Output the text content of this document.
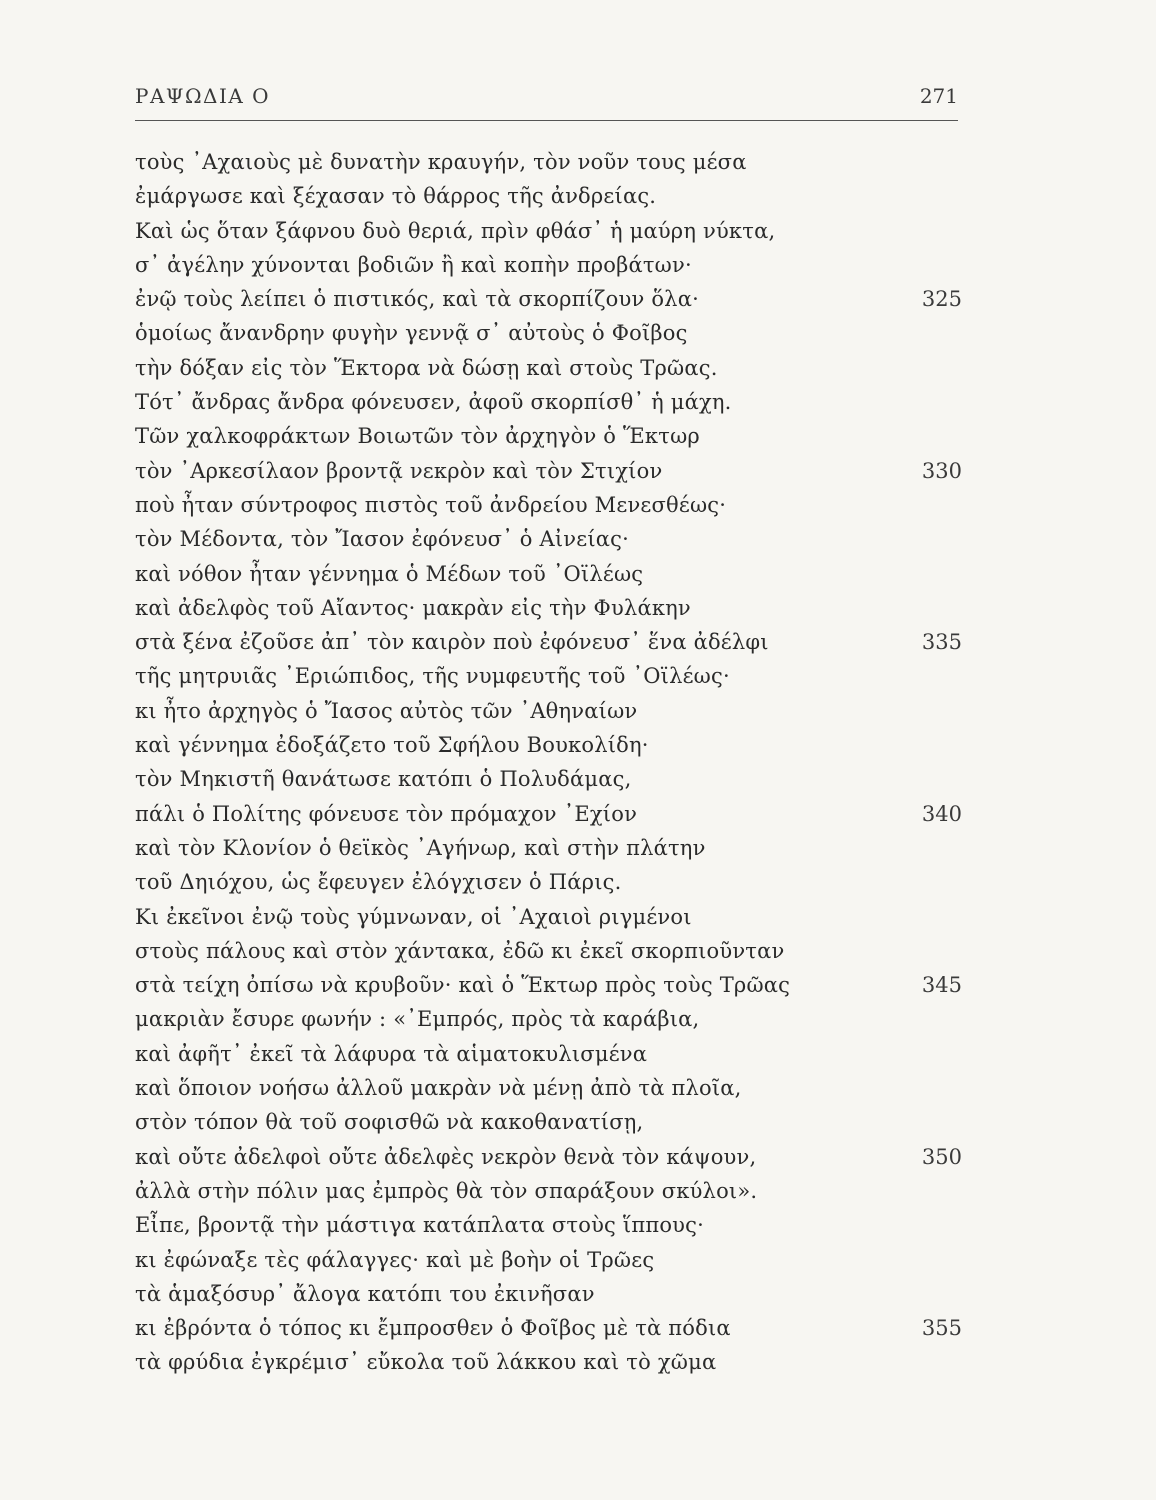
ΡΑΨΩΔΙΑ Ο	271
τοὺς ᾿Αχαιοὺς μὲ δυνατὴν κραυγήν, τὸν νοῦν τους μέσα
ἐμάργωσε καὶ ξέχασαν τὸ θάρρος τῆς ἀνδρείας.
Καὶ ὡς ὅταν ξάφνου δυὸ θεριά, πρὶν φθάσ᾿ ἡ μαύρη νύκτα,
σ᾿ ἀγέλην χύνονται βοδιῶν ἢ καὶ κοπὴν προβάτων·
ἐνῷ τοὺς λείπει ὁ πιστικός, καὶ τὰ σκορπίζουν ὅλα·	325
ὁμοίως ἄνανδρην φυγὴν γεννᾷ σ᾿ αὐτοὺς ὁ Φοῖβος
τὴν δόξαν εἰς τὸν Ἕκτορα νὰ δώσῃ καὶ στοὺς Τρῶας.
Τότ᾿ ἄνδρας ἄνδρα φόνευσεν, ἀφοῦ σκορπίσθ᾿ ἡ μάχη.
Τῶν χαλκοφράκτων Βοιωτῶν τὸν ἀρχηγὸν ὁ Ἕκτωρ
τὸν ᾿Αρκεσίλαον βροντᾷ νεκρὸν καὶ τὸν Στιχίον	330
ποὺ ἦταν σύντροφος πιστὸς τοῦ ἀνδρείου Μενεσθέως·
τὸν Μέδοντα, τὸν Ἴασον ἐφόνευσ᾿ ὁ Αἰνείας·
καὶ νόθον ἦταν γέννημα ὁ Μέδων τοῦ ᾿Οϊλέως
καὶ ἀδελφὸς τοῦ Αἴαντος· μακρὰν εἰς τὴν Φυλάκην
στὰ ξένα ἐζοῦσε ἀπ᾿ τὸν καιρὸν ποὺ ἐφόνευσ᾿ ἕνα ἀδέλφι	335
τῆς μητρυιᾶς ᾿Εριώπιδος, τῆς νυμφευτῆς τοῦ ᾿Οϊλέως·
κι ἦτο ἀρχηγὸς ὁ Ἴασος αὐτὸς τῶν ᾿Αθηναίων
καὶ γέννημα ἐδοξάζετο τοῦ Σφήλου Βουκολίδη·
τὸν Μηκιστῆ θανάτωσε κατόπι ὁ Πολυδάμας,
πάλι ὁ Πολίτης φόνευσε τὸν πρόμαχον ᾿Εχίον	340
καὶ τὸν Κλονίον ὁ θεϊκὸς ᾿Αγήνωρ, καὶ στὴν πλάτην
τοῦ Δηιόχου, ὡς ἔφευγεν ἐλόγχισεν ὁ Πάρις.
Κι ἐκεῖνοι ἐνῷ τοὺς γύμνωναν, οἱ ᾿Αχαιοὶ ριγμένοι
στοὺς πάλους καὶ στὸν χάντακα, ἐδῶ κι ἐκεῖ σκορπιοῦνταν
στὰ τείχη ὀπίσω νὰ κρυβοῦν· καὶ ὁ Ἕκτωρ πρὸς τοὺς Τρῶας	345
μακριὰν ἔσυρε φωνήν : «᾿Εμπρός, πρὸς τὰ καράβια,
καὶ ἀφῆτ᾿ ἐκεῖ τὰ λάφυρα τὰ αἱματοκυλισμένα
καὶ ὅποιον νοήσω ἀλλοῦ μακρὰν νὰ μένῃ ἀπὸ τὰ πλοῖα,
στὸν τόπον θὰ τοῦ σοφισθῶ νὰ κακοθανατίσῃ,
καὶ οὔτε ἀδελφοὶ οὔτε ἀδελφὲς νεκρὸν θενὰ τὸν κάψουν,	350
ἀλλὰ στὴν πόλιν μας ἐμπρὸς θὰ τὸν σπαράξουν σκύλοι».
Εἶπε, βροντᾷ τὴν μάστιγα κατάπλατα στοὺς ἵππους·
κι ἐφώναξε τὲς φάλαγγες· καὶ μὲ βοὴν οἱ Τρῶες
τὰ ἁμαξόσυρ᾿ ἄλογα κατόπι του ἐκινῆσαν
κι ἐβρόντα ὁ τόπος κι ἔμπροσθεν ὁ Φοῖβος μὲ τὰ πόδια	355
τὰ φρύδια ἐγκρέμισ᾿ εὔκολα τοῦ λάκκου καὶ τὸ χῶμα
